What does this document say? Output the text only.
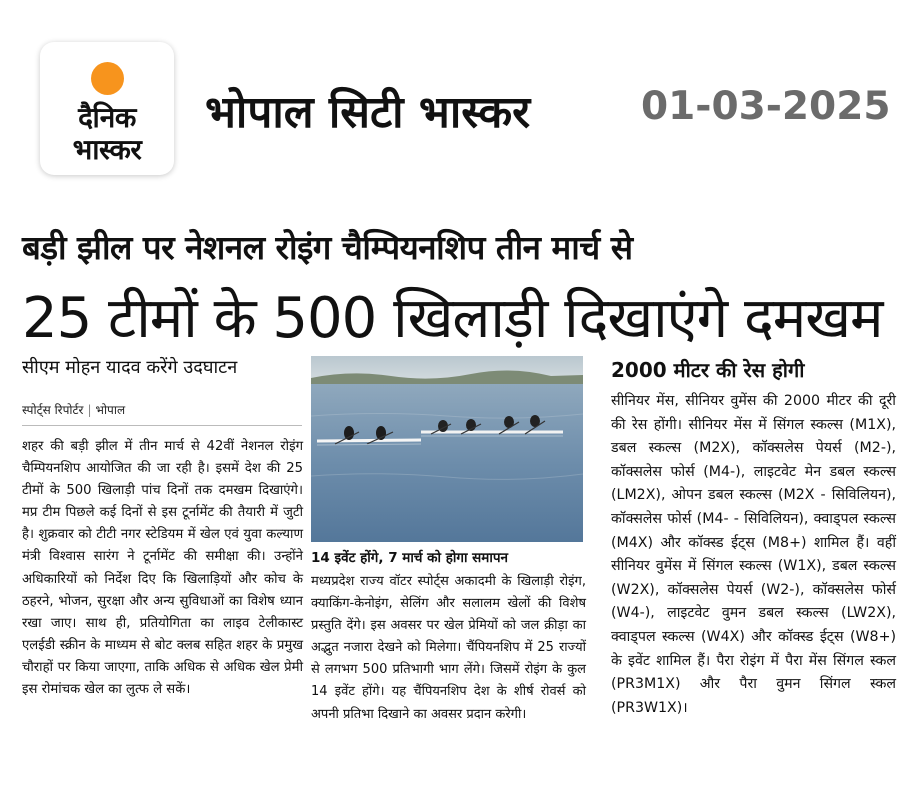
दैनिक
भास्कर
भोपाल सिटी भास्कर	01-03-2025
बड़ी झील पर नेशनल रोइंग चैम्पियनशिप तीन मार्च से
25 टीमों के 500 खिलाड़ी दिखाएंगे दमखम
सीएम मोहन यादव करेंगे उदघाटन
स्पोर्ट्स रिपोर्टर | भोपाल
शहर की बड़ी झील में तीन मार्च से 42वीं नेशनल रोइंग चैम्पियनशिप आयोजित की जा रही है। इसमें देश की 25 टीमों के 500 खिलाड़ी पांच दिनों तक दमखम दिखाएंगे। मप्र टीम पिछले कई दिनों से इस टूर्नामेंट की तैयारी में जुटी है। शुक्रवार को टीटी नगर स्टेडियम में खेल एवं युवा कल्याण मंत्री विश्वास सारंग ने टूर्नामेंट की समीक्षा की। उन्होंने अधिकारियों को निर्देश दिए कि खिलाड़ियों और कोच के ठहरने, भोजन, सुरक्षा और अन्य सुविधाओं का विशेष ध्यान रखा जाए। साथ ही, प्रतियोगिता का लाइव टेलीकास्ट एलईडी स्क्रीन के माध्यम से बोट क्लब सहित शहर के प्रमुख चौराहों पर किया जाएगा, ताकि अधिक से अधिक खेल प्रेमी इस रोमांचक खेल का लुत्फ ले सकें।
14 इवेंट होंगे, 7 मार्च को होगा समापन
मध्यप्रदेश राज्य वॉटर स्पोर्ट्स अकादमी के खिलाड़ी रोइंग, क्याकिंग-केनोइंग, सेलिंग और सलालम खेलों की विशेष प्रस्तुति देंगे। इस अवसर पर खेल प्रेमियों को जल क्रीड़ा का अद्भुत नजारा देखने को मिलेगा। चैंपियनशिप में 25 राज्यों से लगभग 500 प्रतिभागी भाग लेंगे। जिसमें रोइंग के कुल 14 इवेंट होंगे। यह चैंपियनशिप देश के शीर्ष रोवर्स को अपनी प्रतिभा दिखाने का अवसर प्रदान करेगी।
2000 मीटर की रेस होगी
सीनियर मेंस, सीनियर वुमेंस की 2000 मीटर की दूरी की रेस होंगी। सीनियर मेंस में सिंगल स्कल्स (M1X), डबल स्कल्स (M2X), कॉक्सलेस पेयर्स (M2-), कॉक्सलेस फोर्स (M4-), लाइटवेट मेन डबल स्कल्स (LM2X), ओपन डबल स्कल्स (M2X - सिविलियन), कॉक्सलेस फोर्स (M4- - सिविलियन), क्वाड्पल स्कल्स (M4X) और कॉक्स्ड ईट्स (M8+) शामिल हैं। वहीं सीनियर वुमेंस में सिंगल स्कल्स (W1X), डबल स्कल्स (W2X), कॉक्सलेस पेयर्स (W2-), कॉक्सलेस फोर्स (W4-), लाइटवेट वुमन डबल स्कल्स (LW2X), क्वाड्पल स्कल्स (W4X) और कॉक्स्ड ईट्स (W8+) के इवेंट शामिल हैं। पैरा रोइंग में पैरा मेंस सिंगल स्कल (PR3M1X) और पैरा वुमन सिंगल स्कल (PR3W1X)।
